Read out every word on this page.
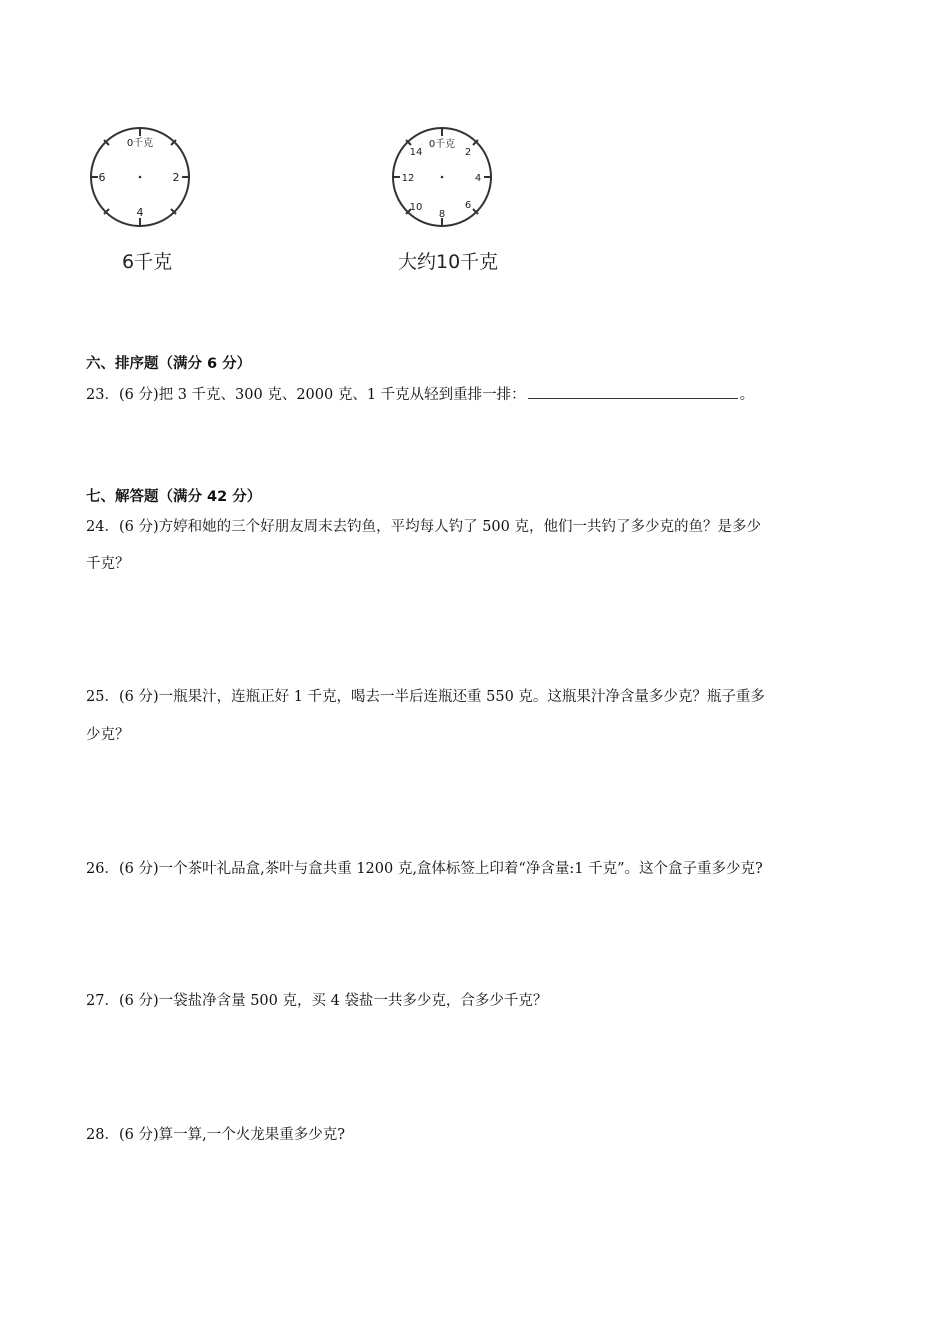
0千克
6	2
4
6千克
0千克
14	2
12	4
10	6
8
大约10千克
六、排序题（满分 6 分）
23．(6 分)把 3 千克、300 克、2000 克、1 千克从轻到重排一排：	。
七、解答题（满分 42 分）
24．(6 分)方婷和她的三个好朋友周末去钓鱼，平均每人钓了 500 克，他们一共钓了多少克的鱼？是多少
千克？
25．(6 分)一瓶果汁，连瓶正好 1 千克，喝去一半后连瓶还重 550 克。这瓶果汁净含量多少克？瓶子重多
少克？
26．(6 分)一个茶叶礼品盒,茶叶与盒共重 1200 克,盒体标签上印着“净含量:1 千克”。这个盒子重多少克?
27．(6 分)一袋盐净含量 500 克，买 4 袋盐一共多少克，合多少千克？
28．(6 分)算一算,一个火龙果重多少克?
